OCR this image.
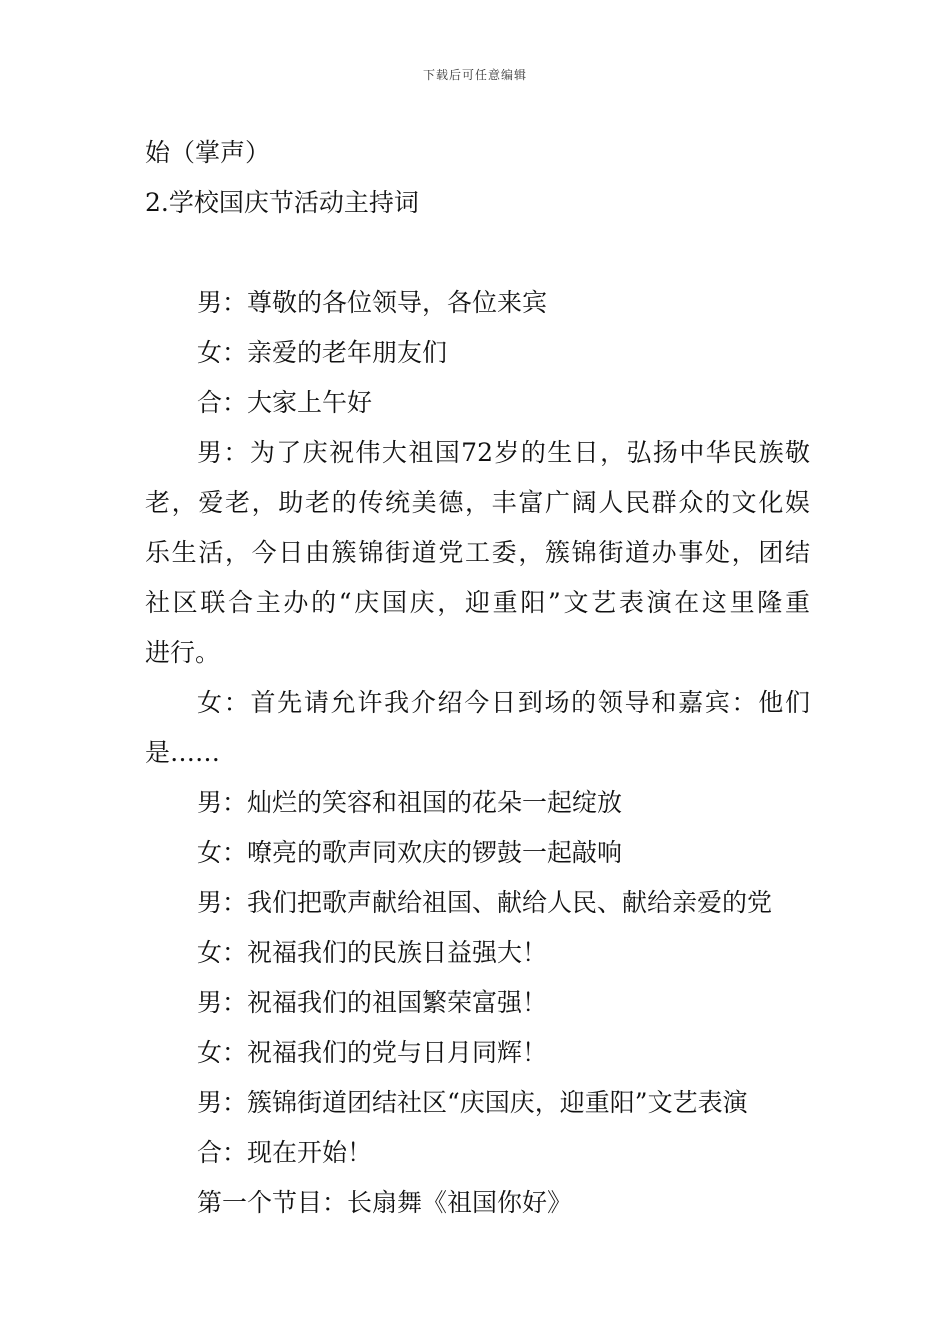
下载后可任意编辑
始（掌声）
2.学校国庆节活动主持词
男：尊敬的各位领导，各位来宾
女：亲爱的老年朋友们
合：大家上午好
男：为了庆祝伟大祖国72岁的生日，弘扬中华民族敬
老，爱老，助老的传统美德，丰富广阔人民群众的文化娱
乐生活，今日由簇锦街道党工委，簇锦街道办事处，团结
社区联合主办的“庆国庆，迎重阳”文艺表演在这里隆重
进行。
女：首先请允许我介绍今日到场的领导和嘉宾：他们
是……
男：灿烂的笑容和祖国的花朵一起绽放
女：嘹亮的歌声同欢庆的锣鼓一起敲响
男：我们把歌声献给祖国、献给人民、献给亲爱的党
女：祝福我们的民族日益强大！
男：祝福我们的祖国繁荣富强！
女：祝福我们的党与日月同辉！
男：簇锦街道团结社区“庆国庆，迎重阳”文艺表演
合：现在开始！
第一个节目：长扇舞《祖国你好》
